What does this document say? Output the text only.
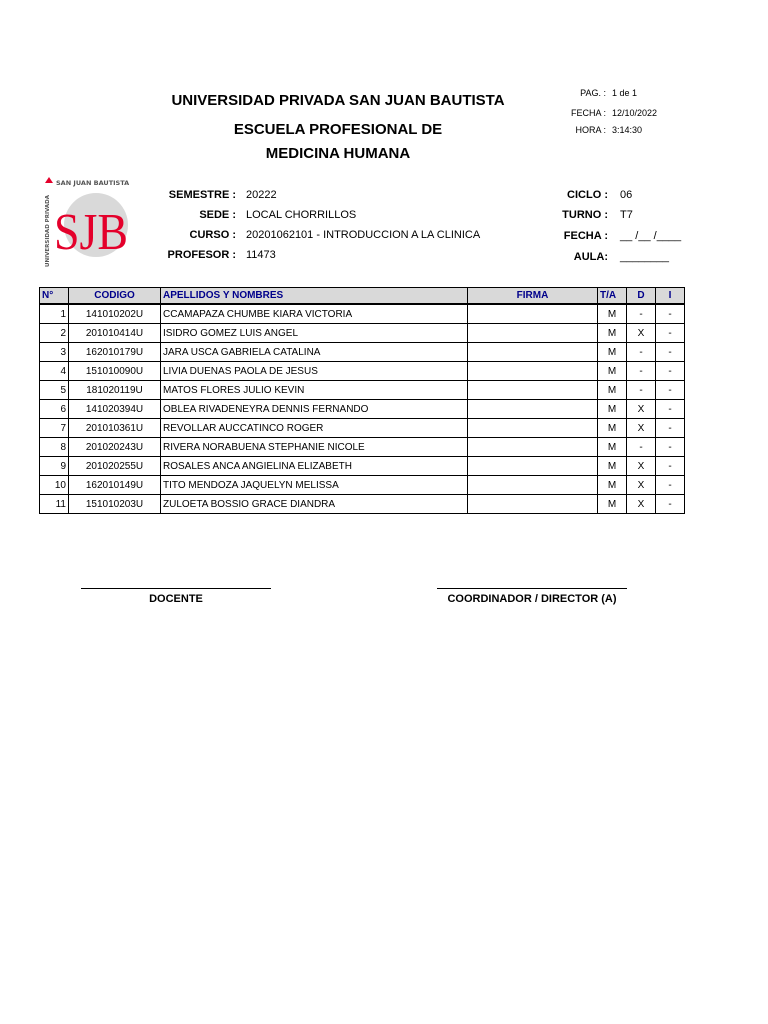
UNIVERSIDAD PRIVADA SAN JUAN BAUTISTA
ESCUELA PROFESIONAL DE
MEDICINA HUMANA
PAG. : 1 de 1
FECHA : 12/10/2022
HORA : 3:14:30
SAN JUAN BAUTISTA
UNIVERSIDAD PRIVADA SJB
SEMESTRE : 20222
SEDE : LOCAL CHORRILLOS
CURSO : 20201062101 - INTRODUCCION A LA CLINICA
PROFESOR : 11473
CICLO : 06
TURNO : T7
FECHA : __ /__ /____
AULA: ________
N°	CODIGO	APELLIDOS Y NOMBRES	FIRMA	T/A	D	I
1	141010202U	CCAMAPAZA CHUMBE KIARA VICTORIA		M	-	-
2	201010414U	ISIDRO GOMEZ LUIS ANGEL		M	X	-
3	162010179U	JARA USCA GABRIELA CATALINA		M	-	-
4	151010090U	LIVIA DUENAS PAOLA DE JESUS		M	-	-
5	181020119U	MATOS FLORES JULIO KEVIN		M	-	-
6	141020394U	OBLEA RIVADENEYRA DENNIS FERNANDO		M	X	-
7	201010361U	REVOLLAR AUCCATINCO ROGER		M	X	-
8	201020243U	RIVERA NORABUENA STEPHANIE NICOLE		M	-	-
9	201020255U	ROSALES ANCA ANGIELINA ELIZABETH		M	X	-
10	162010149U	TITO MENDOZA JAQUELYN MELISSA		M	X	-
11	151010203U	ZULOETA BOSSIO GRACE DIANDRA		M	X	-
DOCENTE	COORDINADOR / DIRECTOR (A)
